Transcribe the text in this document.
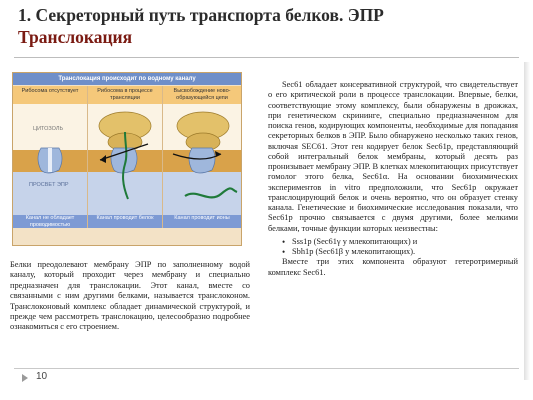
1. Секреторный путь транспорта белков. ЭПР
Транслокация
Транслокация происходит по водному каналу
Рибосома отсутствует
ЦИТОЗОЛЬ
ПРОСВЕТ ЭПР
Канал не обладает проводимостью
Рибосома в процессе трансляции
Канал проводит белок
Высвобождение ново-образующейся цепи
Канал проводит ионы
Белки преодолевают мембрану ЭПР по заполненному водой каналу, который проходит через мембрану и специально предназначен для транслокации. Этот канал, вместе со связанными с ним другими белками, называется транслоконом. Транслоконовый комплекс обладает динамической структурой, и прежде чем рассмотреть транслокацию, целесообразно подробнее ознакомиться с его строением.

Sec61 обладает консервативной структурой, что свидетельствует о его критической роли в процессе транслокации. Впервые, белки, соответствующие этому комплексу, были обнаружены в дрожжах, при генетическом скрининге, специально предназначенном для поиска генов, кодирующих компоненты, необходимые для попадания секреторных белков в ЭПР. Было обнаружено несколько таких генов, включая SEC61. Этот ген кодирует белок Sec61p, представляющий собой интегральный белок мембраны, который десять раз пронизывает мембрану ЭПР. В клетках млекопитающих присутствует гомолог этого белка, Sec61α. На основании биохимических экспериментов in vitro предположили, что Sec61p окружает транслоцирующий белок и очень вероятно, что он образует стенку канала. Генетические и биохимические исследования показали, что Sec61p прочно связывается с двумя другими, более мелкими белками, точные функции которых неизвестны:

• Sss1p (Sec61γ у млекопитающих) и
• Sbh1p (Sec61β у млекопитающих).

Вместе три этих компонента образуют гетеротримерный комплекс Sec61.

10
